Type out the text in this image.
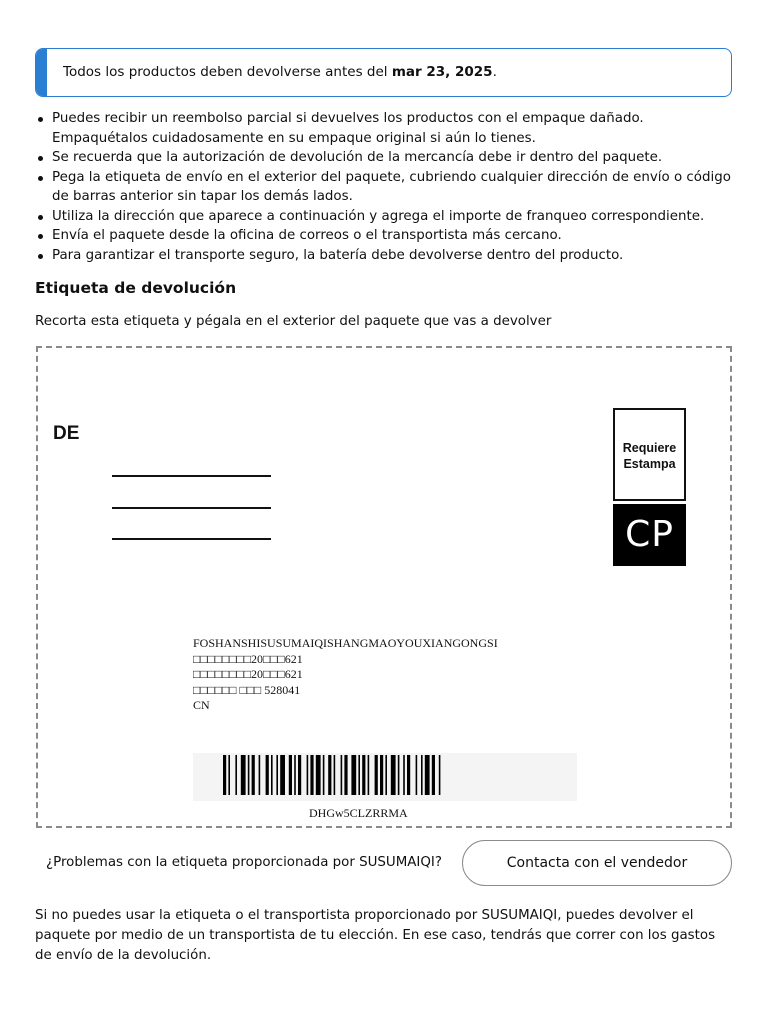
Todos los productos deben devolverse antes del mar 23, 2025.
Puedes recibir un reembolso parcial si devuelves los productos con el empaque dañado. Empaquétalos cuidadosamente en su empaque original si aún lo tienes.
Se recuerda que la autorización de devolución de la mercancía debe ir dentro del paquete.
Pega la etiqueta de envío en el exterior del paquete, cubriendo cualquier dirección de envío o código de barras anterior sin tapar los demás lados.
Utiliza la dirección que aparece a continuación y agrega el importe de franqueo correspondiente.
Envía el paquete desde la oficina de correos o el transportista más cercano.
Para garantizar el transporte seguro, la batería debe devolverse dentro del producto.
Etiqueta de devolución
Recorta esta etiqueta y pégala en el exterior del paquete que vas a devolver
DE
Requiere
Estampa
CP
FOSHANSHISUSUMAIQISHANGMAOYOUXIANGONGSI
□□□□□□□□20□□□621
□□□□□□□□20□□□621
□□□□□□ □□□ 528041
CN
DHGw5CLZRRMA
¿Problemas con la etiqueta proporcionada por SUSUMAIQI?	Contacta con el vendedor
Si no puedes usar la etiqueta o el transportista proporcionado por SUSUMAIQI, puedes devolver el paquete por medio de un transportista de tu elección. En ese caso, tendrás que correr con los gastos de envío de la devolución.
